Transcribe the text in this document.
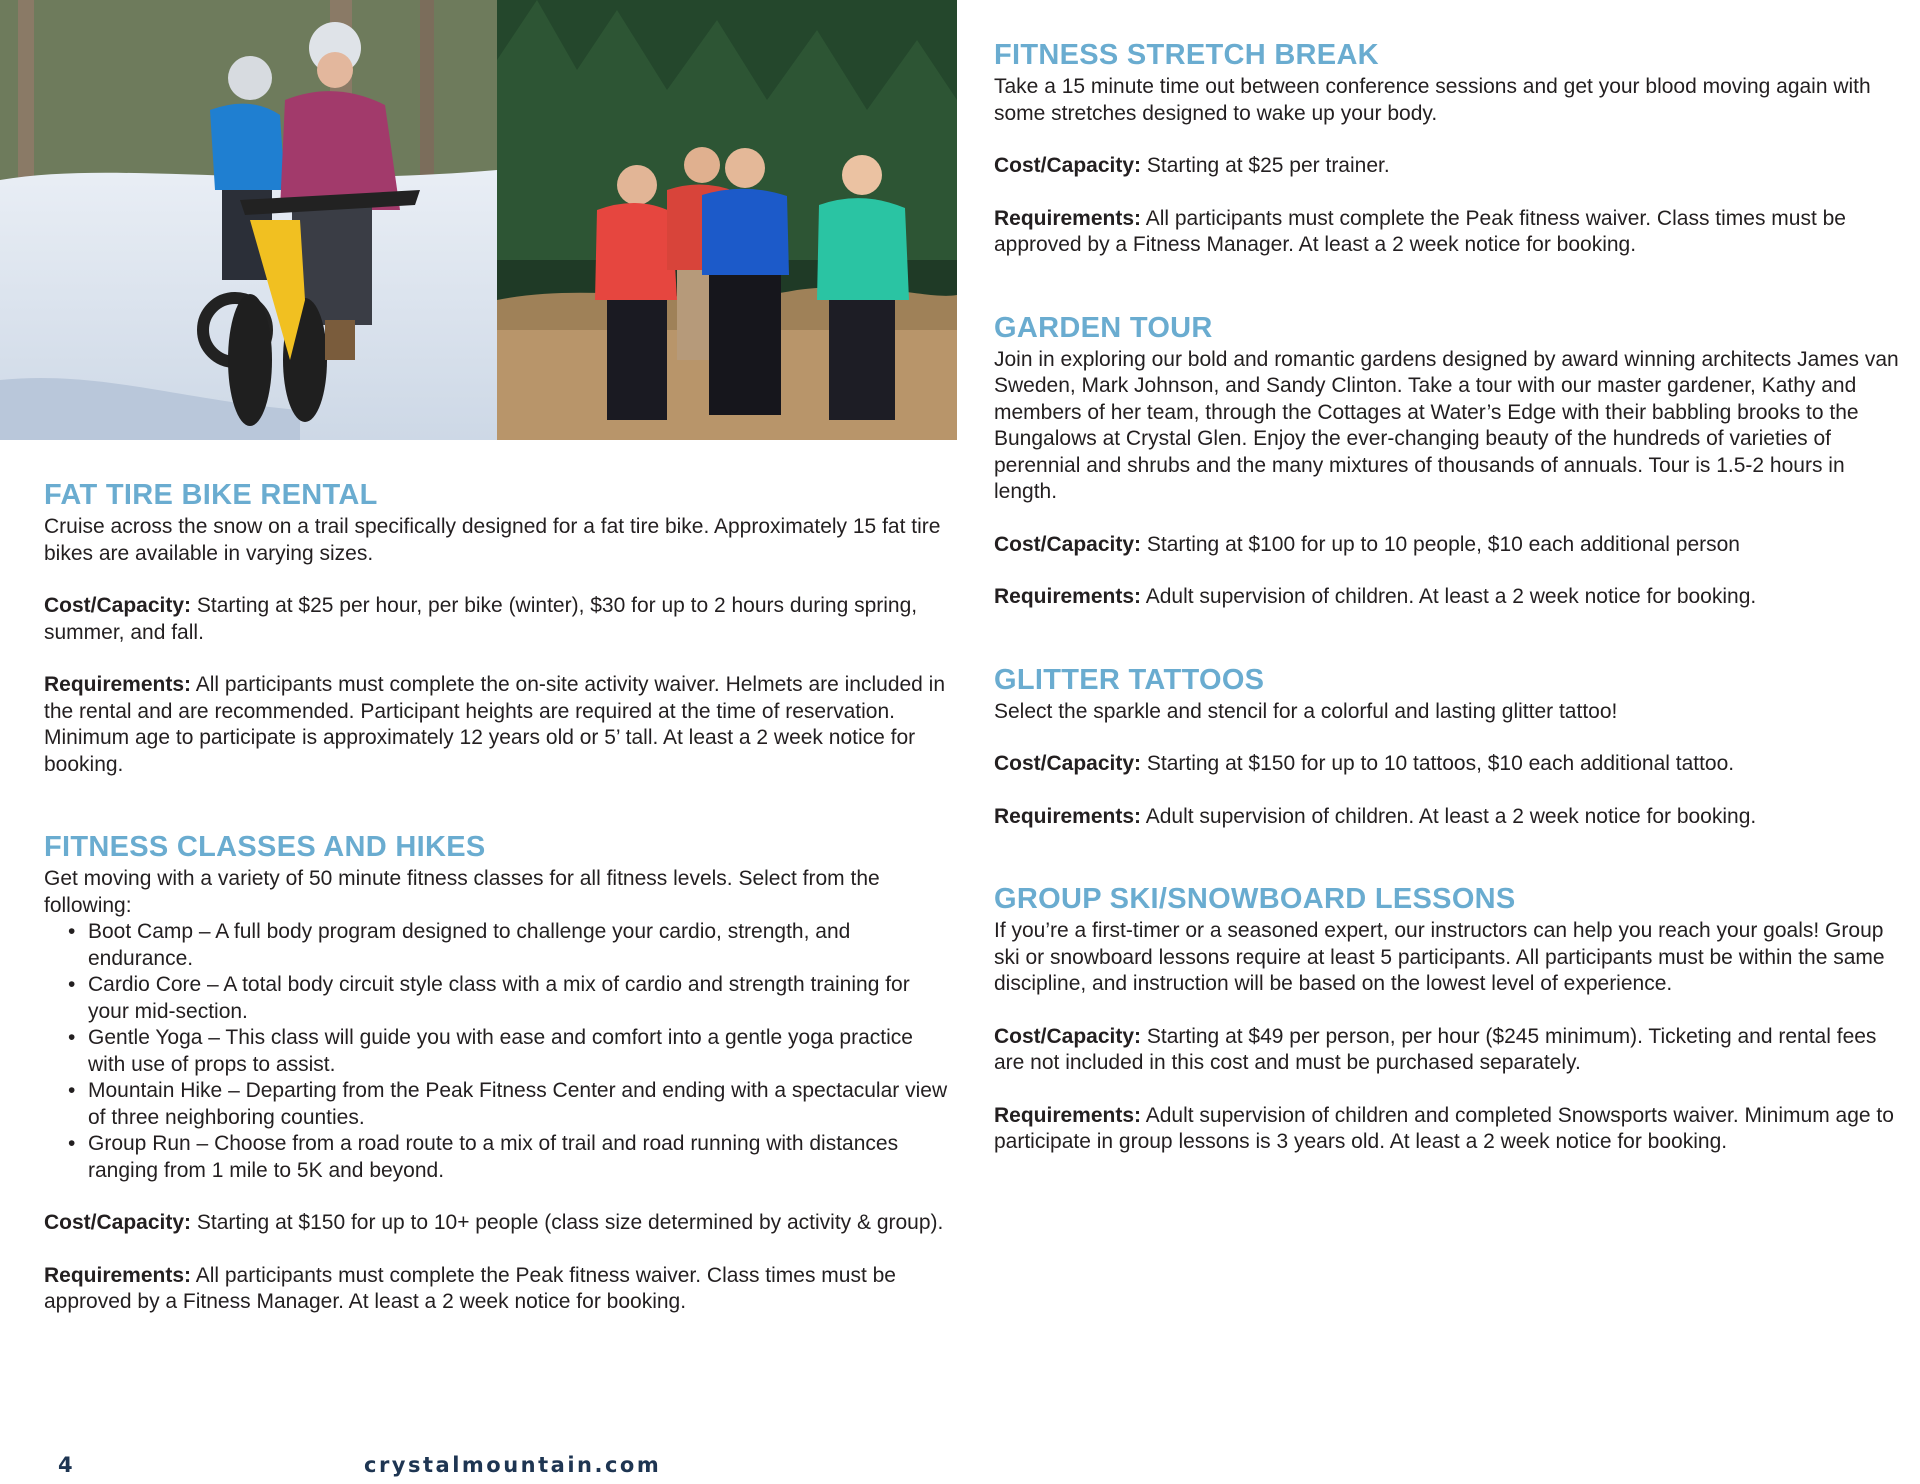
FAT TIRE BIKE RENTAL

Cruise across the snow on a trail specifically designed for a fat tire bike. Approximately 15 fat tire bikes are available in varying sizes.

Cost/Capacity: Starting at $25 per hour, per bike (winter), $30 for up to 2 hours during spring, summer, and fall.

Requirements: All participants must complete the on-site activity waiver. Helmets are included in the rental and are recommended. Participant heights are required at the time of reservation. Minimum age to participate is approximately 12 years old or 5’ tall. At least a 2 week notice for booking.

FITNESS CLASSES AND HIKES

Get moving with a variety of 50 minute fitness classes for all fitness levels. Select from the following:

• Boot Camp – A full body program designed to challenge your cardio, strength, and endurance.
• Cardio Core – A total body circuit style class with a mix of cardio and strength training for your mid-section.
• Gentle Yoga – This class will guide you with ease and comfort into a gentle yoga practice with use of props to assist.
• Mountain Hike – Departing from the Peak Fitness Center and ending with a spectacular view of three neighboring counties.
• Group Run – Choose from a road route to a mix of trail and road running with distances ranging from 1 mile to 5K and beyond.

Cost/Capacity: Starting at $150 for up to 10+ people (class size determined by activity & group).

Requirements: All participants must complete the Peak fitness waiver. Class times must be approved by a Fitness Manager. At least a 2 week notice for booking.

FITNESS STRETCH BREAK

Take a 15 minute time out between conference sessions and get your blood moving again with some stretches designed to wake up your body.

Cost/Capacity: Starting at $25 per trainer.

Requirements: All participants must complete the Peak fitness waiver. Class times must be approved by a Fitness Manager. At least a 2 week notice for booking.

GARDEN TOUR

Join in exploring our bold and romantic gardens designed by award winning architects James van Sweden, Mark Johnson, and Sandy Clinton. Take a tour with our master gardener, Kathy and members of her team, through the Cottages at Water’s Edge with their babbling brooks to the Bungalows at Crystal Glen. Enjoy the ever-changing beauty of the hundreds of varieties of perennial and shrubs and the many mixtures of thousands of annuals. Tour is 1.5-2 hours in length.

Cost/Capacity: Starting at $100 for up to 10 people, $10 each additional person

Requirements: Adult supervision of children. At least a 2 week notice for booking.

GLITTER TATTOOS

Select the sparkle and stencil for a colorful and lasting glitter tattoo!

Cost/Capacity: Starting at $150 for up to 10 tattoos, $10 each additional tattoo.

Requirements: Adult supervision of children. At least a 2 week notice for booking.

GROUP SKI/SNOWBOARD LESSONS

If you’re a first-timer or a seasoned expert, our instructors can help you reach your goals! Group ski or snowboard lessons require at least 5 participants. All participants must be within the same discipline, and instruction will be based on the lowest level of experience.

Cost/Capacity: Starting at $49 per person, per hour ($245 minimum). Ticketing and rental fees are not included in this cost and must be purchased separately.

Requirements: Adult supervision of children and completed Snowsports waiver. Minimum age to participate in group lessons is 3 years old. At least a 2 week notice for booking.

4	crystalmountain.com
